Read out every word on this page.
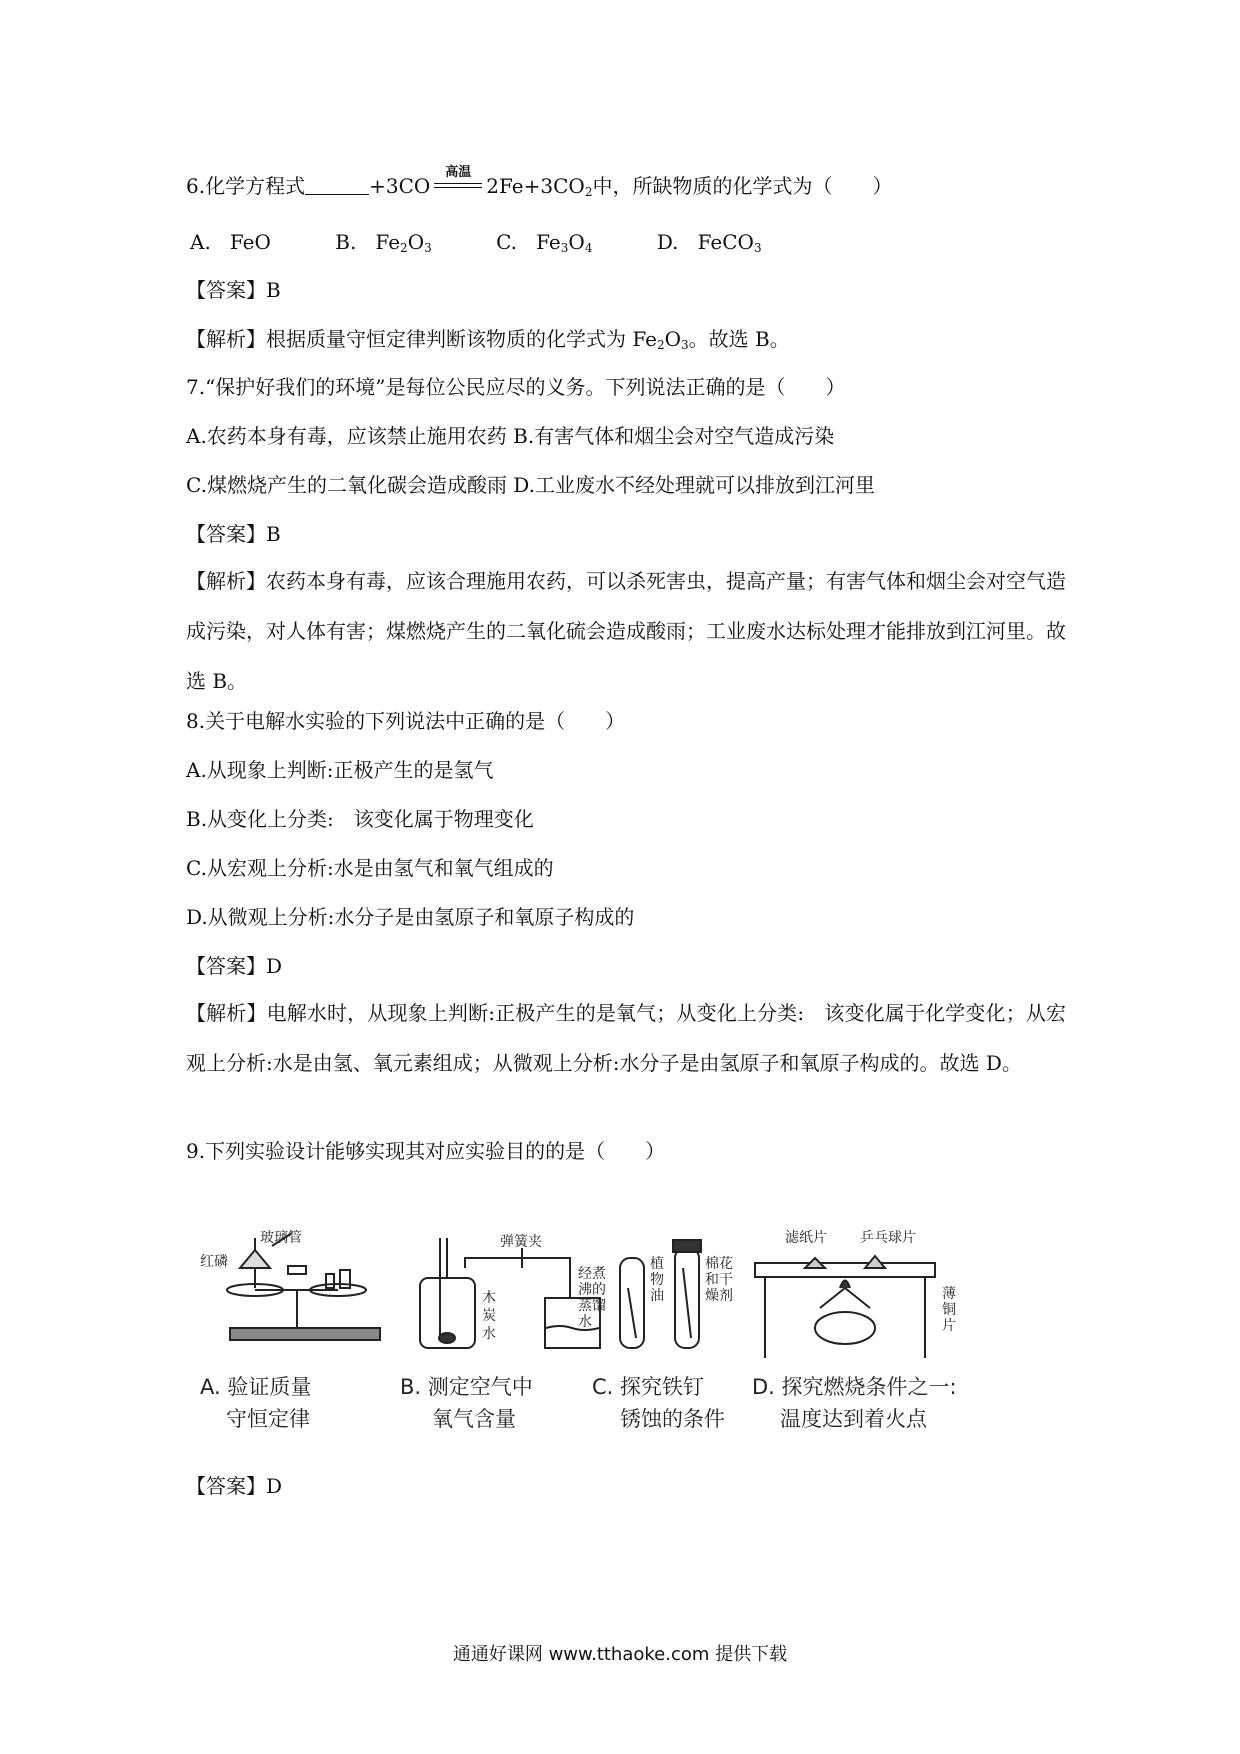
6.化学方程式	+3CO
高温
$2Fe+3CO_2$中，所缺物质的化学式为（　　）
A. FeO	B. $Fe_2O_3$	C. $Fe_3O_4$	D. FeCO$_3$
【答案】B
【解析】根据质量守恒定律判断该物质的化学式为 $Fe_2O_3$。故选 B。
7.“保护好我们的环境”是每位公民应尽的义务。下列说法正确的是（　　）
A.农药本身有毒，应该禁止施用农药 B.有害气体和烟尘会对空气造成污染
C.煤燃烧产生的二氧化碳会造成酸雨 D.工业废水不经处理就可以排放到江河里
【答案】B
【解析】农药本身有毒，应该合理施用农药，可以杀死害虫，提高产量；有害气体和烟尘会对空气造成污染，对人体有害；煤燃烧产生的二氧化硫会造成酸雨；工业废水达标处理才能排放到江河里。故选 B。
8.关于电解水实验的下列说法中正确的是（　　）
A.从现象上判断:正极产生的是氢气
B.从变化上分类:　该变化属于物理变化
C.从宏观上分析:水是由氢气和氧气组成的
D.从微观上分析:水分子是由氢原子和氧原子构成的
【答案】D
【解析】电解水时，从现象上判断:正极产生的是氧气；从变化上分类:　该变化属于化学变化；从宏观上分析:水是由氢、氧元素组成；从微观上分析:水分子是由氢原子和氧原子构成的。故选 D。
9.下列实验设计能够实现其对应实验目的的是（　　）
玻璃管
红磷
弹簧夹
木
炭
水
经煮
沸的
蒸馏
水
植
物
油
棉花
和干
燥剂
滤纸片 乒乓球片
薄
铜
片
A. 验证质量
守恒定律
B. 测定空气中
氧气含量
C. 探究铁钉
锈蚀的条件
D. 探究燃烧条件之一:
温度达到着火点
【答案】D
通通好课网 www.tthaoke.com 提供下载
